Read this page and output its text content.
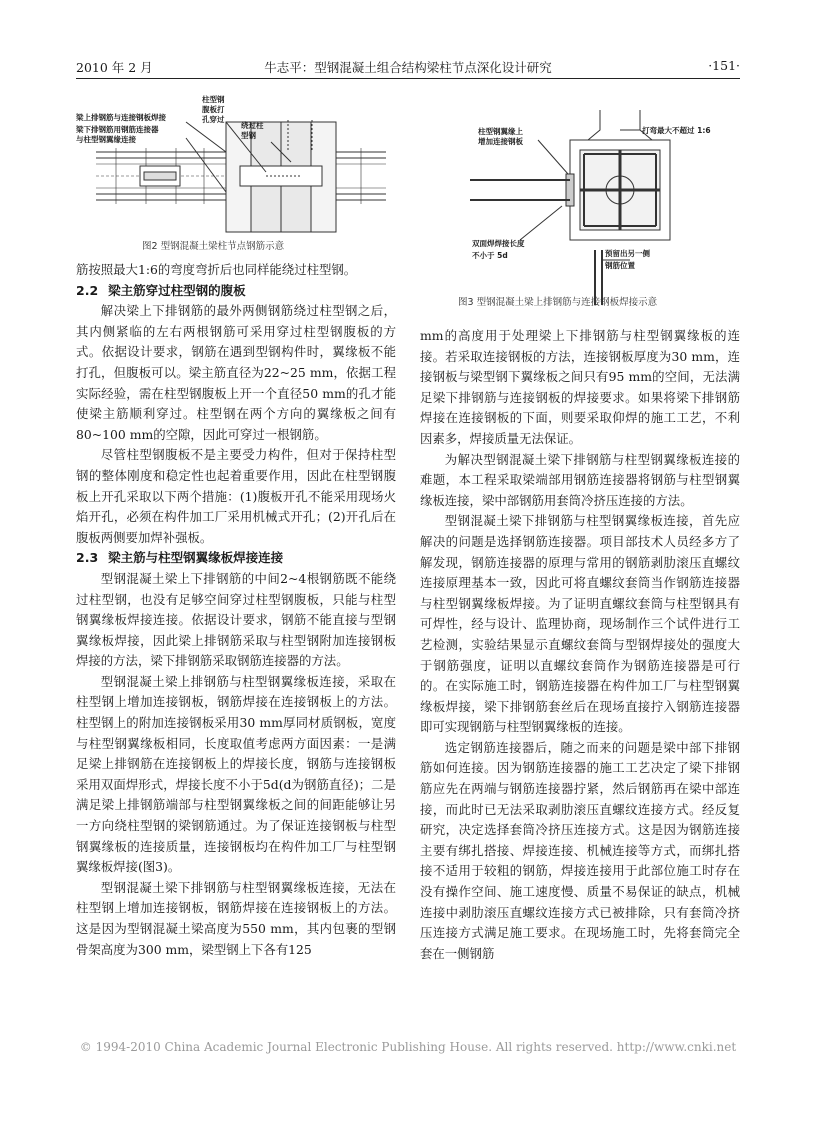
2010 年 2 月	牛志平：型钢混凝土组合结构梁柱节点深化设计研究	·151·
梁上排钢筋与连接钢板焊接
梁下排钢筋用钢筋连接器
与柱型钢翼缘连接
柱型钢
腹板打
孔穿过
绕过柱
型钢
图2 型钢混凝土梁柱节点钢筋示意
柱型钢翼缘上
增加连接钢板
打弯最大不超过 1:6
双面焊焊接长度
不小于 5d	预留出另一侧
钢筋位置
图3 型钢混凝土梁上排钢筋与连接钢板焊接示意

筋按照最大1:6的弯度弯折后也同样能绕过柱型钢。

2.2 梁主筋穿过柱型钢的腹板

解决梁上下排钢筋的最外两侧钢筋绕过柱型钢之后，其内侧紧临的左右两根钢筋可采用穿过柱型钢腹板的方式。依据设计要求，钢筋在遇到型钢构件时，翼缘板不能打孔，但腹板可以。梁主筋直径为22~25 mm，依据工程实际经验，需在柱型钢腹板上开一个直径50 mm的孔才能使梁主筋顺利穿过。柱型钢在两个方向的翼缘板之间有80~100 mm的空隙，因此可穿过一根钢筋。

尽管柱型钢腹板不是主要受力构件，但对于保持柱型钢的整体刚度和稳定性也起着重要作用，因此在柱型钢腹板上开孔采取以下两个措施：(1)腹板开孔不能采用现场火焰开孔，必须在构件加工厂采用机械式开孔；(2)开孔后在腹板两侧要加焊补强板。

2.3 梁主筋与柱型钢翼缘板焊接连接

型钢混凝土梁上下排钢筋的中间2~4根钢筋既不能绕过柱型钢，也没有足够空间穿过柱型钢腹板，只能与柱型钢翼缘板焊接连接。依据设计要求，钢筋不能直接与型钢翼缘板焊接，因此梁上排钢筋采取与柱型钢附加连接钢板焊接的方法，梁下排钢筋采取钢筋连接器的方法。

型钢混凝土梁上排钢筋与柱型钢翼缘板连接，采取在柱型钢上增加连接钢板，钢筋焊接在连接钢板上的方法。柱型钢上的附加连接钢板采用30 mm厚同材质钢板，宽度与柱型钢翼缘板相同，长度取值考虑两方面因素：一是满足梁上排钢筋在连接钢板上的焊接长度，钢筋与连接钢板采用双面焊形式，焊接长度不小于5d(d为钢筋直径)；二是满足梁上排钢筋端部与柱型钢翼缘板之间的间距能够让另一方向绕柱型钢的梁钢筋通过。为了保证连接钢板与柱型钢翼缘板的连接质量，连接钢板均在构件加工厂与柱型钢翼缘板焊接(图3)。

型钢混凝土梁下排钢筋与柱型钢翼缘板连接，无法在柱型钢上增加连接钢板，钢筋焊接在连接钢板上的方法。这是因为型钢混凝土梁高度为550 mm，其内包裹的型钢骨架高度为300 mm，梁型钢上下各有125

mm的高度用于处理梁上下排钢筋与柱型钢翼缘板的连接。若采取连接钢板的方法，连接钢板厚度为30 mm，连接钢板与梁型钢下翼缘板之间只有95 mm的空间，无法满足梁下排钢筋与连接钢板的焊接要求。如果将梁下排钢筋焊接在连接钢板的下面，则要采取仰焊的施工工艺，不利因素多，焊接质量无法保证。

为解决型钢混凝土梁下排钢筋与柱型钢翼缘板连接的难题，本工程采取梁端部用钢筋连接器将钢筋与柱型钢翼缘板连接，梁中部钢筋用套筒冷挤压连接的方法。

型钢混凝土梁下排钢筋与柱型钢翼缘板连接，首先应解决的问题是选择钢筋连接器。项目部技术人员经多方了解发现，钢筋连接器的原理与常用的钢筋剥肋滚压直螺纹连接原理基本一致，因此可将直螺纹套筒当作钢筋连接器与柱型钢翼缘板焊接。为了证明直螺纹套筒与柱型钢具有可焊性，经与设计、监理协商，现场制作三个试件进行工艺检测，实验结果显示直螺纹套筒与型钢焊接处的强度大于钢筋强度，证明以直螺纹套筒作为钢筋连接器是可行的。在实际施工时，钢筋连接器在构件加工厂与柱型钢翼缘板焊接，梁下排钢筋套丝后在现场直接拧入钢筋连接器即可实现钢筋与柱型钢翼缘板的连接。

选定钢筋连接器后，随之而来的问题是梁中部下排钢筋如何连接。因为钢筋连接器的施工工艺决定了梁下排钢筋应先在两端与钢筋连接器拧紧，然后钢筋再在梁中部连接，而此时已无法采取剥肋滚压直螺纹连接方式。经反复研究，决定选择套筒冷挤压连接方式。这是因为钢筋连接主要有绑扎搭接、焊接连接、机械连接等方式，而绑扎搭接不适用于较粗的钢筋，焊接连接用于此部位施工时存在没有操作空间、施工速度慢、质量不易保证的缺点，机械连接中剥肋滚压直螺纹连接方式已被排除，只有套筒冷挤压连接方式满足施工要求。在现场施工时，先将套筒完全套在一侧钢筋

© 1994-2010 China Academic Journal Electronic Publishing House. All rights reserved. http://www.cnki.net
